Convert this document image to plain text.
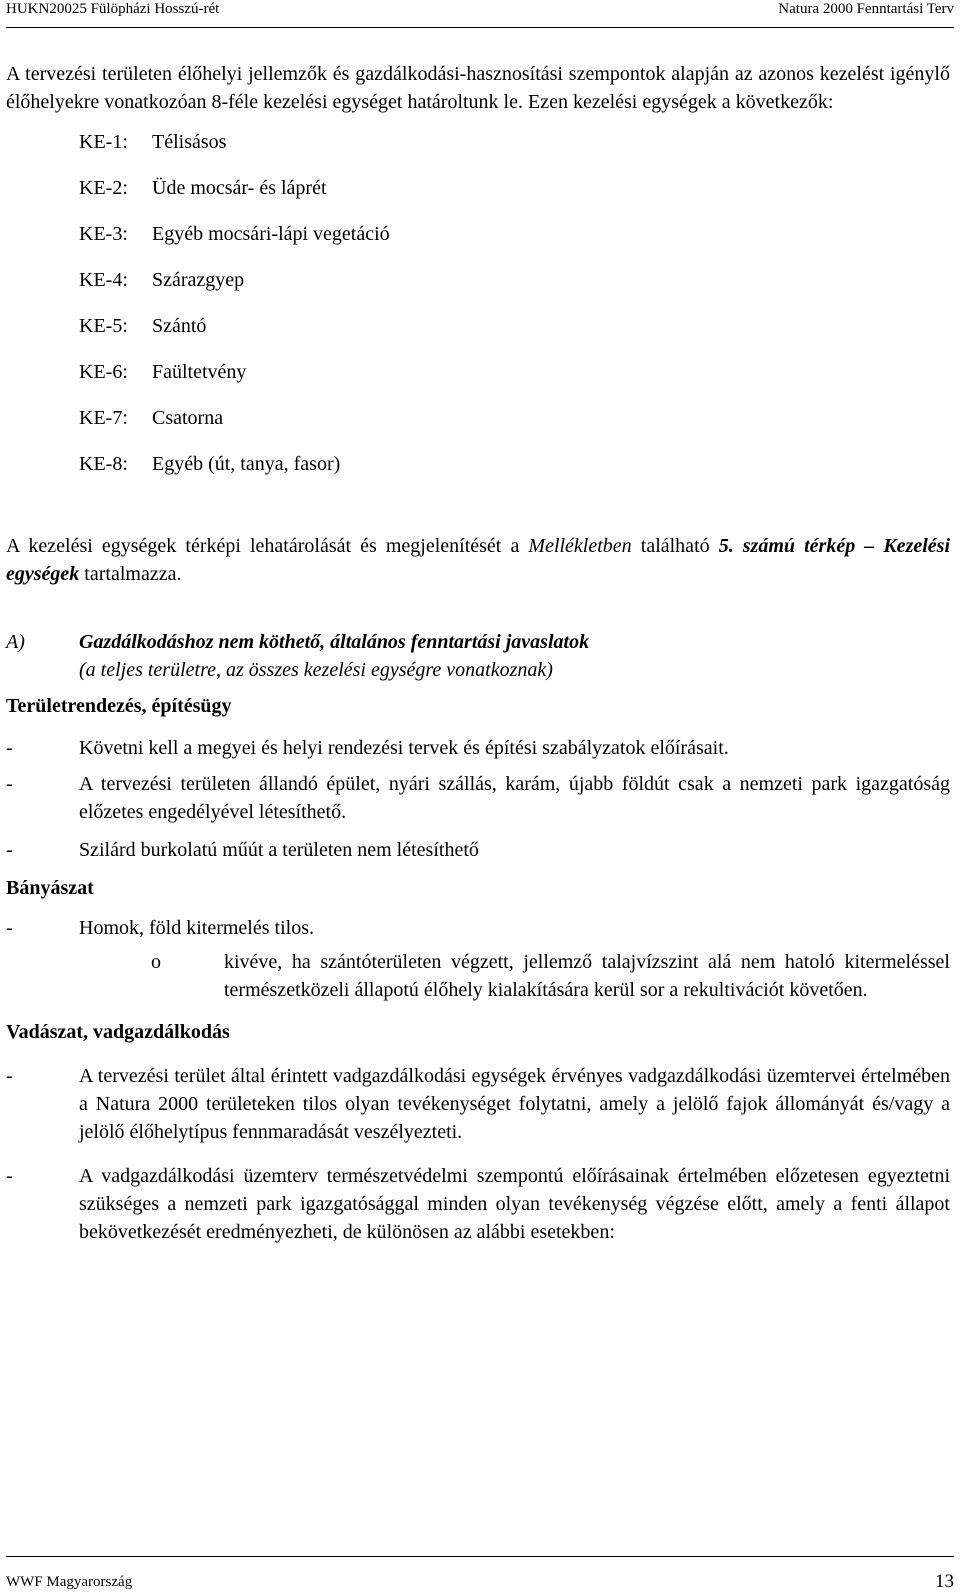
HUKN20025 Fülöpházi Hosszú-rét	Natura 2000 Fenntartási Terv

A tervezési területen élőhelyi jellemzők és gazdálkodási-hasznosítási szempontok alapján az azonos kezelést igénylő élőhelyekre vonatkozóan 8-féle kezelési egységet határoltunk le. Ezen kezelési egységek a következők:

KE-1:	Télisásos
KE-2:	Üde mocsár- és láprét
KE-3:	Egyéb mocsári-lápi vegetáció
KE-4:	Szárazgyep
KE-5:	Szántó
KE-6:	Faültetvény
KE-7:	Csatorna
KE-8:	Egyéb (út, tanya, fasor)

A kezelési egységek térképi lehatárolását és megjelenítését a Mellékletben található 5. számú térkép – Kezelési egységek tartalmazza.

A)	Gazdálkodáshoz nem köthető, általános fenntartási javaslatok
(a teljes területre, az összes kezelési egységre vonatkoznak)
Területrendezés, építésügy
-	Követni kell a megyei és helyi rendezési tervek és építési szabályzatok előírásait.
-	A tervezési területen állandó épület, nyári szállás, karám, újabb földút csak a nemzeti park igazgatóság előzetes engedélyével létesíthető.
-	Szilárd burkolatú műút a területen nem létesíthető
Bányászat
-	Homok, föld kitermelés tilos.
o	kivéve, ha szántóterületen végzett, jellemző talajvízszint alá nem hatoló kitermeléssel természetközeli állapotú élőhely kialakítására kerül sor a rekultivációt követően.
Vadászat, vadgazdálkodás
-	A tervezési terület által érintett vadgazdálkodási egységek érvényes vadgazdálkodási üzemtervei értelmében a Natura 2000 területeken tilos olyan tevékenységet folytatni, amely a jelölő fajok állományát és/vagy a jelölő élőhelytípus fennmaradását veszélyezteti.
-	A vadgazdálkodási üzemterv természetvédelmi szempontú előírásainak értelmében előzetesen egyeztetni szükséges a nemzeti park igazgatósággal minden olyan tevékenység végzése előtt, amely a fenti állapot bekövetkezését eredményezheti, de különösen az alábbi esetekben:
WWF Magyarország	13
